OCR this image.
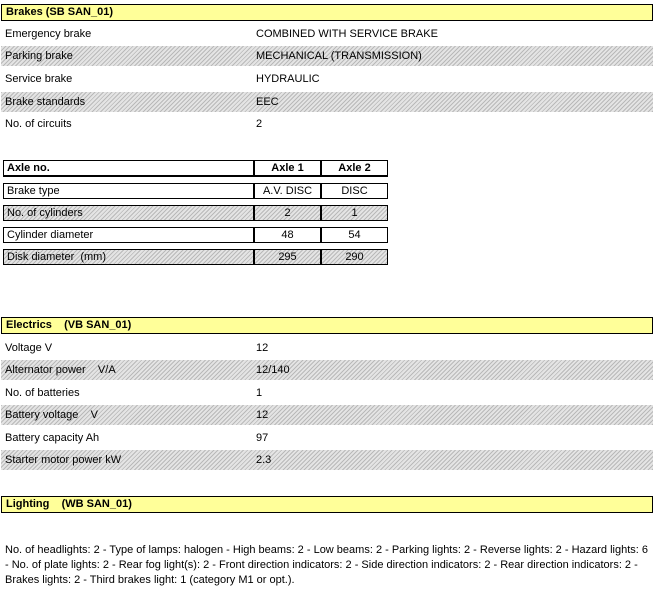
Brakes (SB SAN_01)
Emergency brake	COMBINED WITH SERVICE BRAKE
Parking brake	MECHANICAL (TRANSMISSION)
Service brake	HYDRAULIC
Brake standards	EEC
No. of circuits	2
Axle no.	Axle 1	Axle 2

Brake type	A.V. DISC	DISC

No. of cylinders	2	1

Cylinder diameter	48	54

Disk diameter  (mm)	295	290
Electrics    (VB SAN_01)
Voltage V	12
Alternator power    V/A	12/140
No. of batteries	1
Battery voltage    V	12
Battery capacity Ah	97
Starter motor power kW	2.3
Lighting    (WB SAN_01)
No. of headlights: 2 - Type of lamps: halogen - High beams: 2 - Low beams: 2 - Parking lights: 2 - Reverse lights: 2 - Hazard lights: 6 - No. of plate lights: 2 - Rear fog light(s): 2 - Front direction indicators: 2 - Side direction indicators: 2 - Rear direction indicators: 2 - Brakes lights: 2 - Third brakes light: 1 (category M1 or opt.).
